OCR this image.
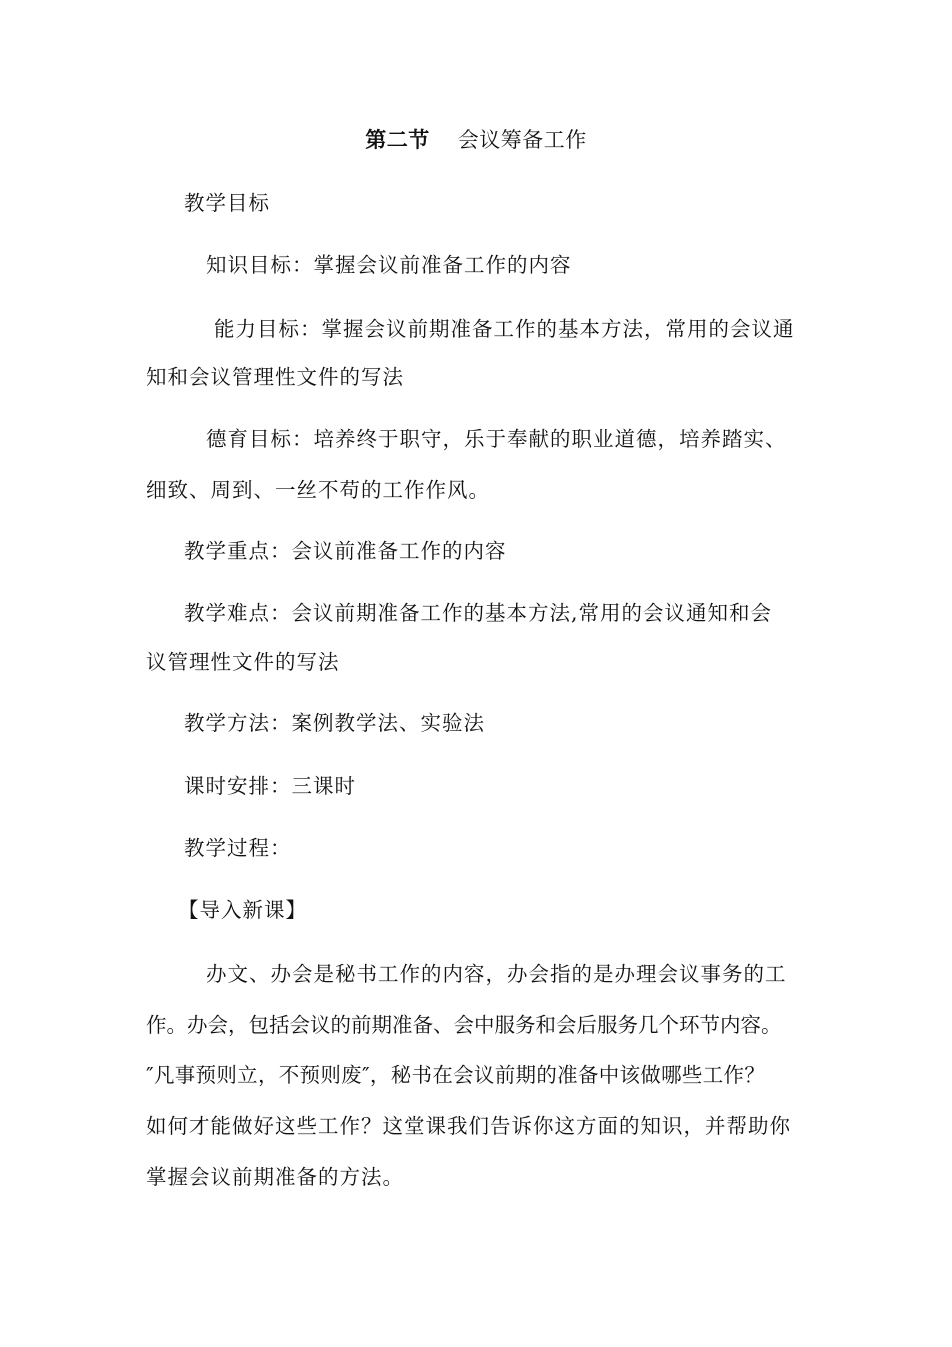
第二节 会议筹备工作
教学目标
知识目标：掌握会议前准备工作的内容
能力目标：掌握会议前期准备工作的基本方法，常用的会议通
知和会议管理性文件的写法
德育目标：培养终于职守，乐于奉献的职业道德，培养踏实、
细致、周到、一丝不苟的工作作风。
教学重点：会议前准备工作的内容
教学难点：会议前期准备工作的基本方法,常用的会议通知和会
议管理性文件的写法
教学方法：案例教学法、实验法
课时安排：三课时
教学过程：
【导入新课】
办文、办会是秘书工作的内容，办会指的是办理会议事务的工
作。办会，包括会议的前期准备、会中服务和会后服务几个环节内容。
″凡事预则立，不预则废″，秘书在会议前期的准备中该做哪些工作？
如何才能做好这些工作？这堂课我们告诉你这方面的知识，并帮助你
掌握会议前期准备的方法。
